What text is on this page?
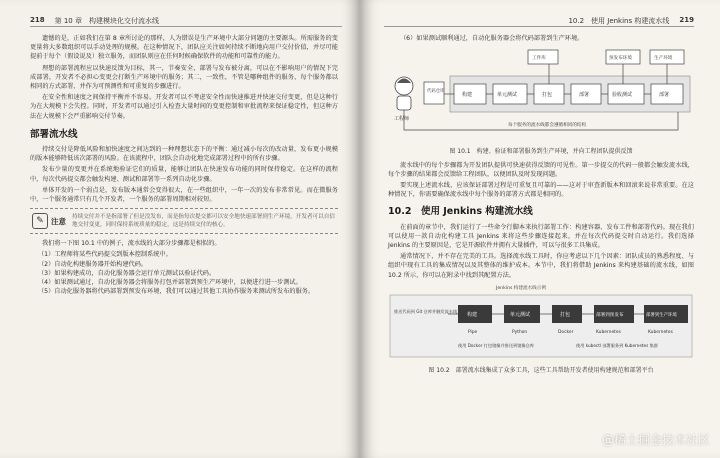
218 第 10 章　构建模块化交付流水线

遗憾的是，正如我们在第 8 章所讨论的那样，人为错误是生产环境中大部分问题的主要源头。所需服务的变更量将大多数组织可以手动处理的规模。在这种情况下，团队应关注如何持续不断地向用户交付价值，并尽可能提前于每个（假设说及）独立服务，而团队则应在任何时候确保软件的功能和可靠性的能力。

理想的部署流程应以快速反馈为目标，其一，节奏安全，部署与发布被分离，可以在不影响用户的情况下完成部署，开发者不必担心变更会打断生产环境中的服务；其二，一致性，不管是哪种组件的服务，每个服务都以相同的方式部署，并作为可预测性和可重复的步骤进行。

在安全性和速度之间保持平衡并不容易。开发者可以不考虑安全性而快速推进并快速交付变更，但是这种行为在大规模下会失控。同时，开发者可以通过引入检查大量时间的变更控制和审批流程来保证稳定性，但这种方法在大规模下会严重影响交付节奏。

部署流水线

持续交付是降低风险和加快速度之间达到的一种理想状态下的平衡：通过减小每次的改动量，发布更小规模的版本能够降低该次部署的风险。在该流程中，团队会自动化地完成部署过程中的所有步骤。

发布少量的变更并在系统地验证它们的质量，能够让团队在快速发布功能的同时保持稳定。在这样的流程中，每次代码提交都会触发构建、测试和部署等一系列自动化步骤。

单体开发的一个弱点是，发布版本通常会变得很大，在一些组织中，一年一次的发布非常常见。而在微服务中，一个服务通常只有几个开发者，一个服务的部署周期相对较短。

✎ 注意 持续交付并不是指部署了但是没发布，而是指每次提交都可以安全地快速部署到生产环境，开发者可以自信地交付变更，同时保持系统质量的稳定，这是持续交付的核心。

我们将一下图 10.1 中的例子，流水线的大部分步骤都是相似的。

（1）工程师将某些代码提交到版本控制系统中。

（2）自动化构建服务器开始构建代码。

（3）如果构建成功，自动化服务器会运行单元测试以验证代码。

（4）如果测试通过，自动化服务器会将服务打包并部署到预生产环境中，以便进行进一步测试。

（5）自动化服务器将代码部署到预发布环境，我们可以通过其他工具协作服务来测试所发布的服务。

10.2　使用 Jenkins 构建流水线 219

（6）如果测试顺利通过，自动化服务器会将代码部署到生产环境。

工程师
代码仓库
工件库	预发布环境	生产环境
构建	单元测试	打包	部署	验收测试	部署
每个服务的流水线都会遵循相同的结构
图 10.1　构建、验证和部署服务到生产环境，并向工程团队提供反馈

流水线中的每个步骤都为开发团队提供可快速获得反馈的可见性。第一步提交的代码一般都会触发流水线，每个步骤的结果都会反馈给工程团队，以便团队及时发现问题。

要实现上述流水线，应该保证部署过程是可重复且可靠的——这对于审查新版本和回滚来说非常重要。在这种情况下，你需要确保流水线中每个服务的部署方式都是相同的。

10.2　使用 Jenkins 构建流水线

在前面的章节中，我们运行了一些命令行脚本来执行部署工作：构建容器、发布工件和部署代码。现在我们可以使用一款自动化构建工具 Jenkins 来将这些步骤连接起来，并在每次代码提交时自动运行。我们选择 Jenkins 的主要原因是，它是开源软件并拥有大量插件，可以与很多工具集成。

通常情况下，并不存在完美的工具。选择流水线工具时，你应考虑以下几个因素：团队成员的熟悉程度、与组织中现有工具的集成情况以及其整体的维护成本。本节中，我们将借助 Jenkins 来构建基础的流水线，如图 10.2 所示，你可以在附录中找到其配置方法。

Jenkins 构建流水线示例
推送代码到 Git 仓库并触发流水线
构建	单元测试	打包	部署到预发布	部署到生产环境
Pipe	Python	Docker	Kubernetes	Kubernetes
使用 Docker 打包镜像并推送到镜像仓库	使用 kubectl 部署服务到 Kubernetes 集群
图 10.2　部署流水线集成了众多工具，这些工具帮助开发者使用构建规范和部署平台
@稀土掘金技术社区
